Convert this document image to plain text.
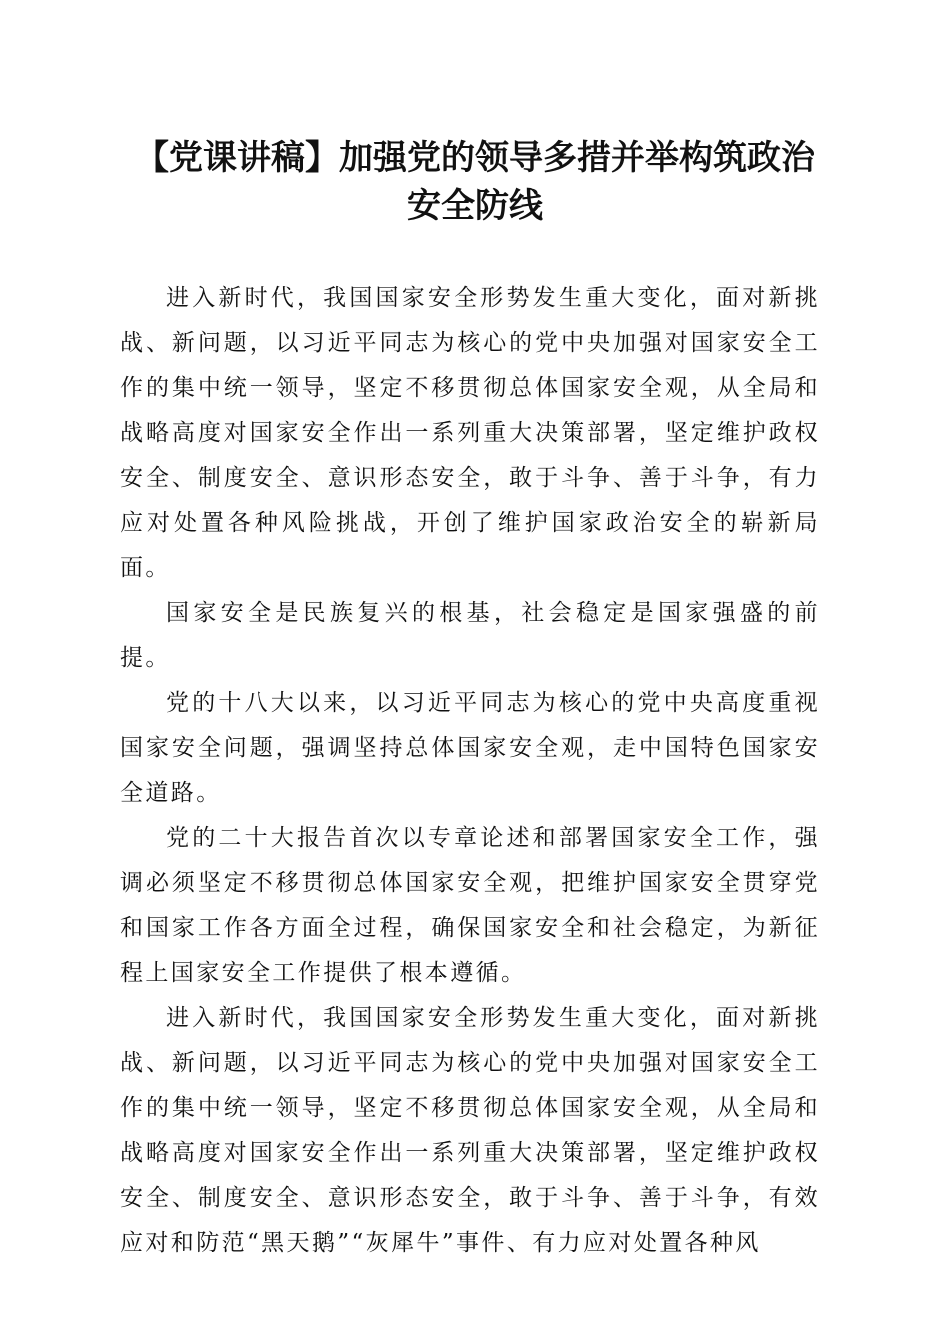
【党课讲稿】加强党的领导多措并举构筑政治
安全防线

进入新时代，我国国家安全形势发生重大变化，面对新挑战、新问题，以习近平同志为核心的党中央加强对国家安全工作的集中统一领导，坚定不移贯彻总体国家安全观，从全局和战略高度对国家安全作出一系列重大决策部署，坚定维护政权安全、制度安全、意识形态安全，敢于斗争、善于斗争，有力应对处置各种风险挑战，开创了维护国家政治安全的崭新局面。

国家安全是民族复兴的根基，社会稳定是国家强盛的前提。

党的十八大以来，以习近平同志为核心的党中央高度重视国家安全问题，强调坚持总体国家安全观，走中国特色国家安全道路。

党的二十大报告首次以专章论述和部署国家安全工作，强调必须坚定不移贯彻总体国家安全观，把维护国家安全贯穿党和国家工作各方面全过程，确保国家安全和社会稳定，为新征程上国家安全工作提供了根本遵循。

进入新时代，我国国家安全形势发生重大变化，面对新挑战、新问题，以习近平同志为核心的党中央加强对国家安全工作的集中统一领导，坚定不移贯彻总体国家安全观，从全局和战略高度对国家安全作出一系列重大决策部署，坚定维护政权安全、制度安全、意识形态安全，敢于斗争、善于斗争，有效应对和防范“黑天鹅”“灰犀牛”事件、有力应对处置各种风
